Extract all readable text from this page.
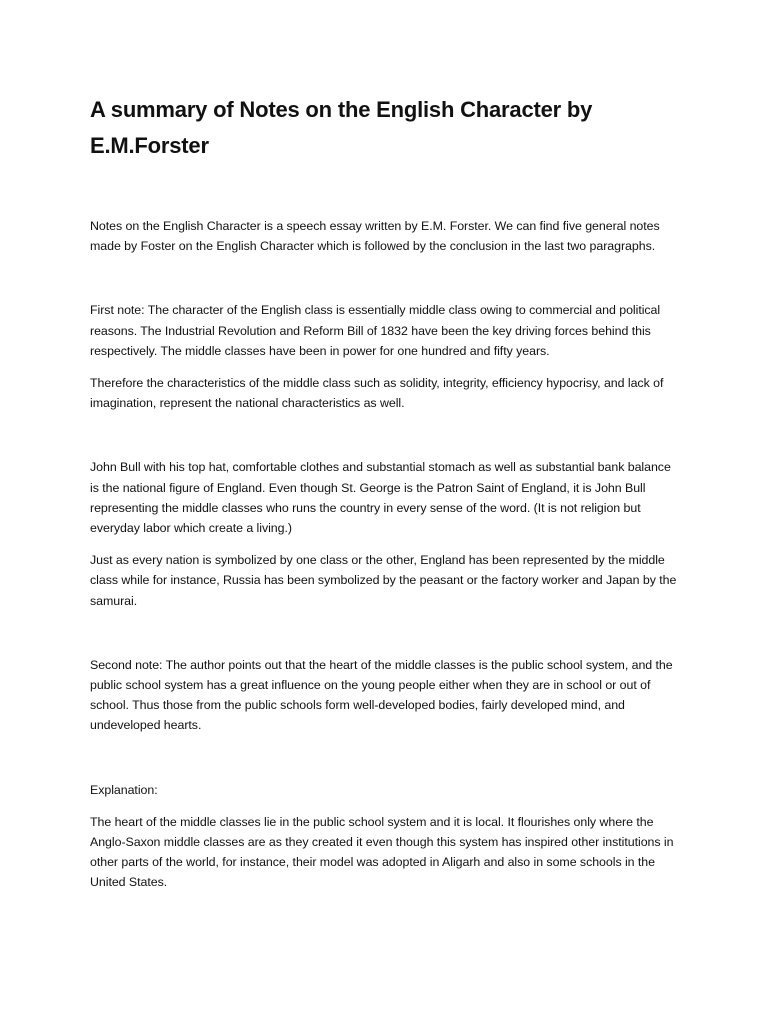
A summary of Notes on the English Character by E.M.Forster

Notes on the English Character is a speech essay written by E.M. Forster. We can find five general notes made by Foster on the English Character which is followed by the conclusion in the last two paragraphs.

First note: The character of the English class is essentially middle class owing to commercial and political reasons. The Industrial Revolution and Reform Bill of 1832 have been the key driving forces behind this respectively. The middle classes have been in power for one hundred and fifty years.

Therefore the characteristics of the middle class such as solidity, integrity, efficiency hypocrisy, and lack of imagination, represent the national characteristics as well.

John Bull with his top hat, comfortable clothes and substantial stomach as well as substantial bank balance is the national figure of England. Even though St. George is the Patron Saint of England, it is John Bull representing the middle classes who runs the country in every sense of the word. (It is not religion but everyday labor which create a living.)

Just as every nation is symbolized by one class or the other, England has been represented by the middle class while for instance, Russia has been symbolized by the peasant or the factory worker and Japan by the samurai.

Second note: The author points out that the heart of the middle classes is the public school system, and the public school system has a great influence on the young people either when they are in school or out of school. Thus those from the public schools form well-developed bodies, fairly developed mind, and undeveloped hearts.

Explanation:

The heart of the middle classes lie in the public school system and it is local. It flourishes only where the Anglo-Saxon middle classes are as they created it even though this system has inspired other institutions in other parts of the world, for instance, their model was adopted in Aligarh and also in some schools in the United States.
